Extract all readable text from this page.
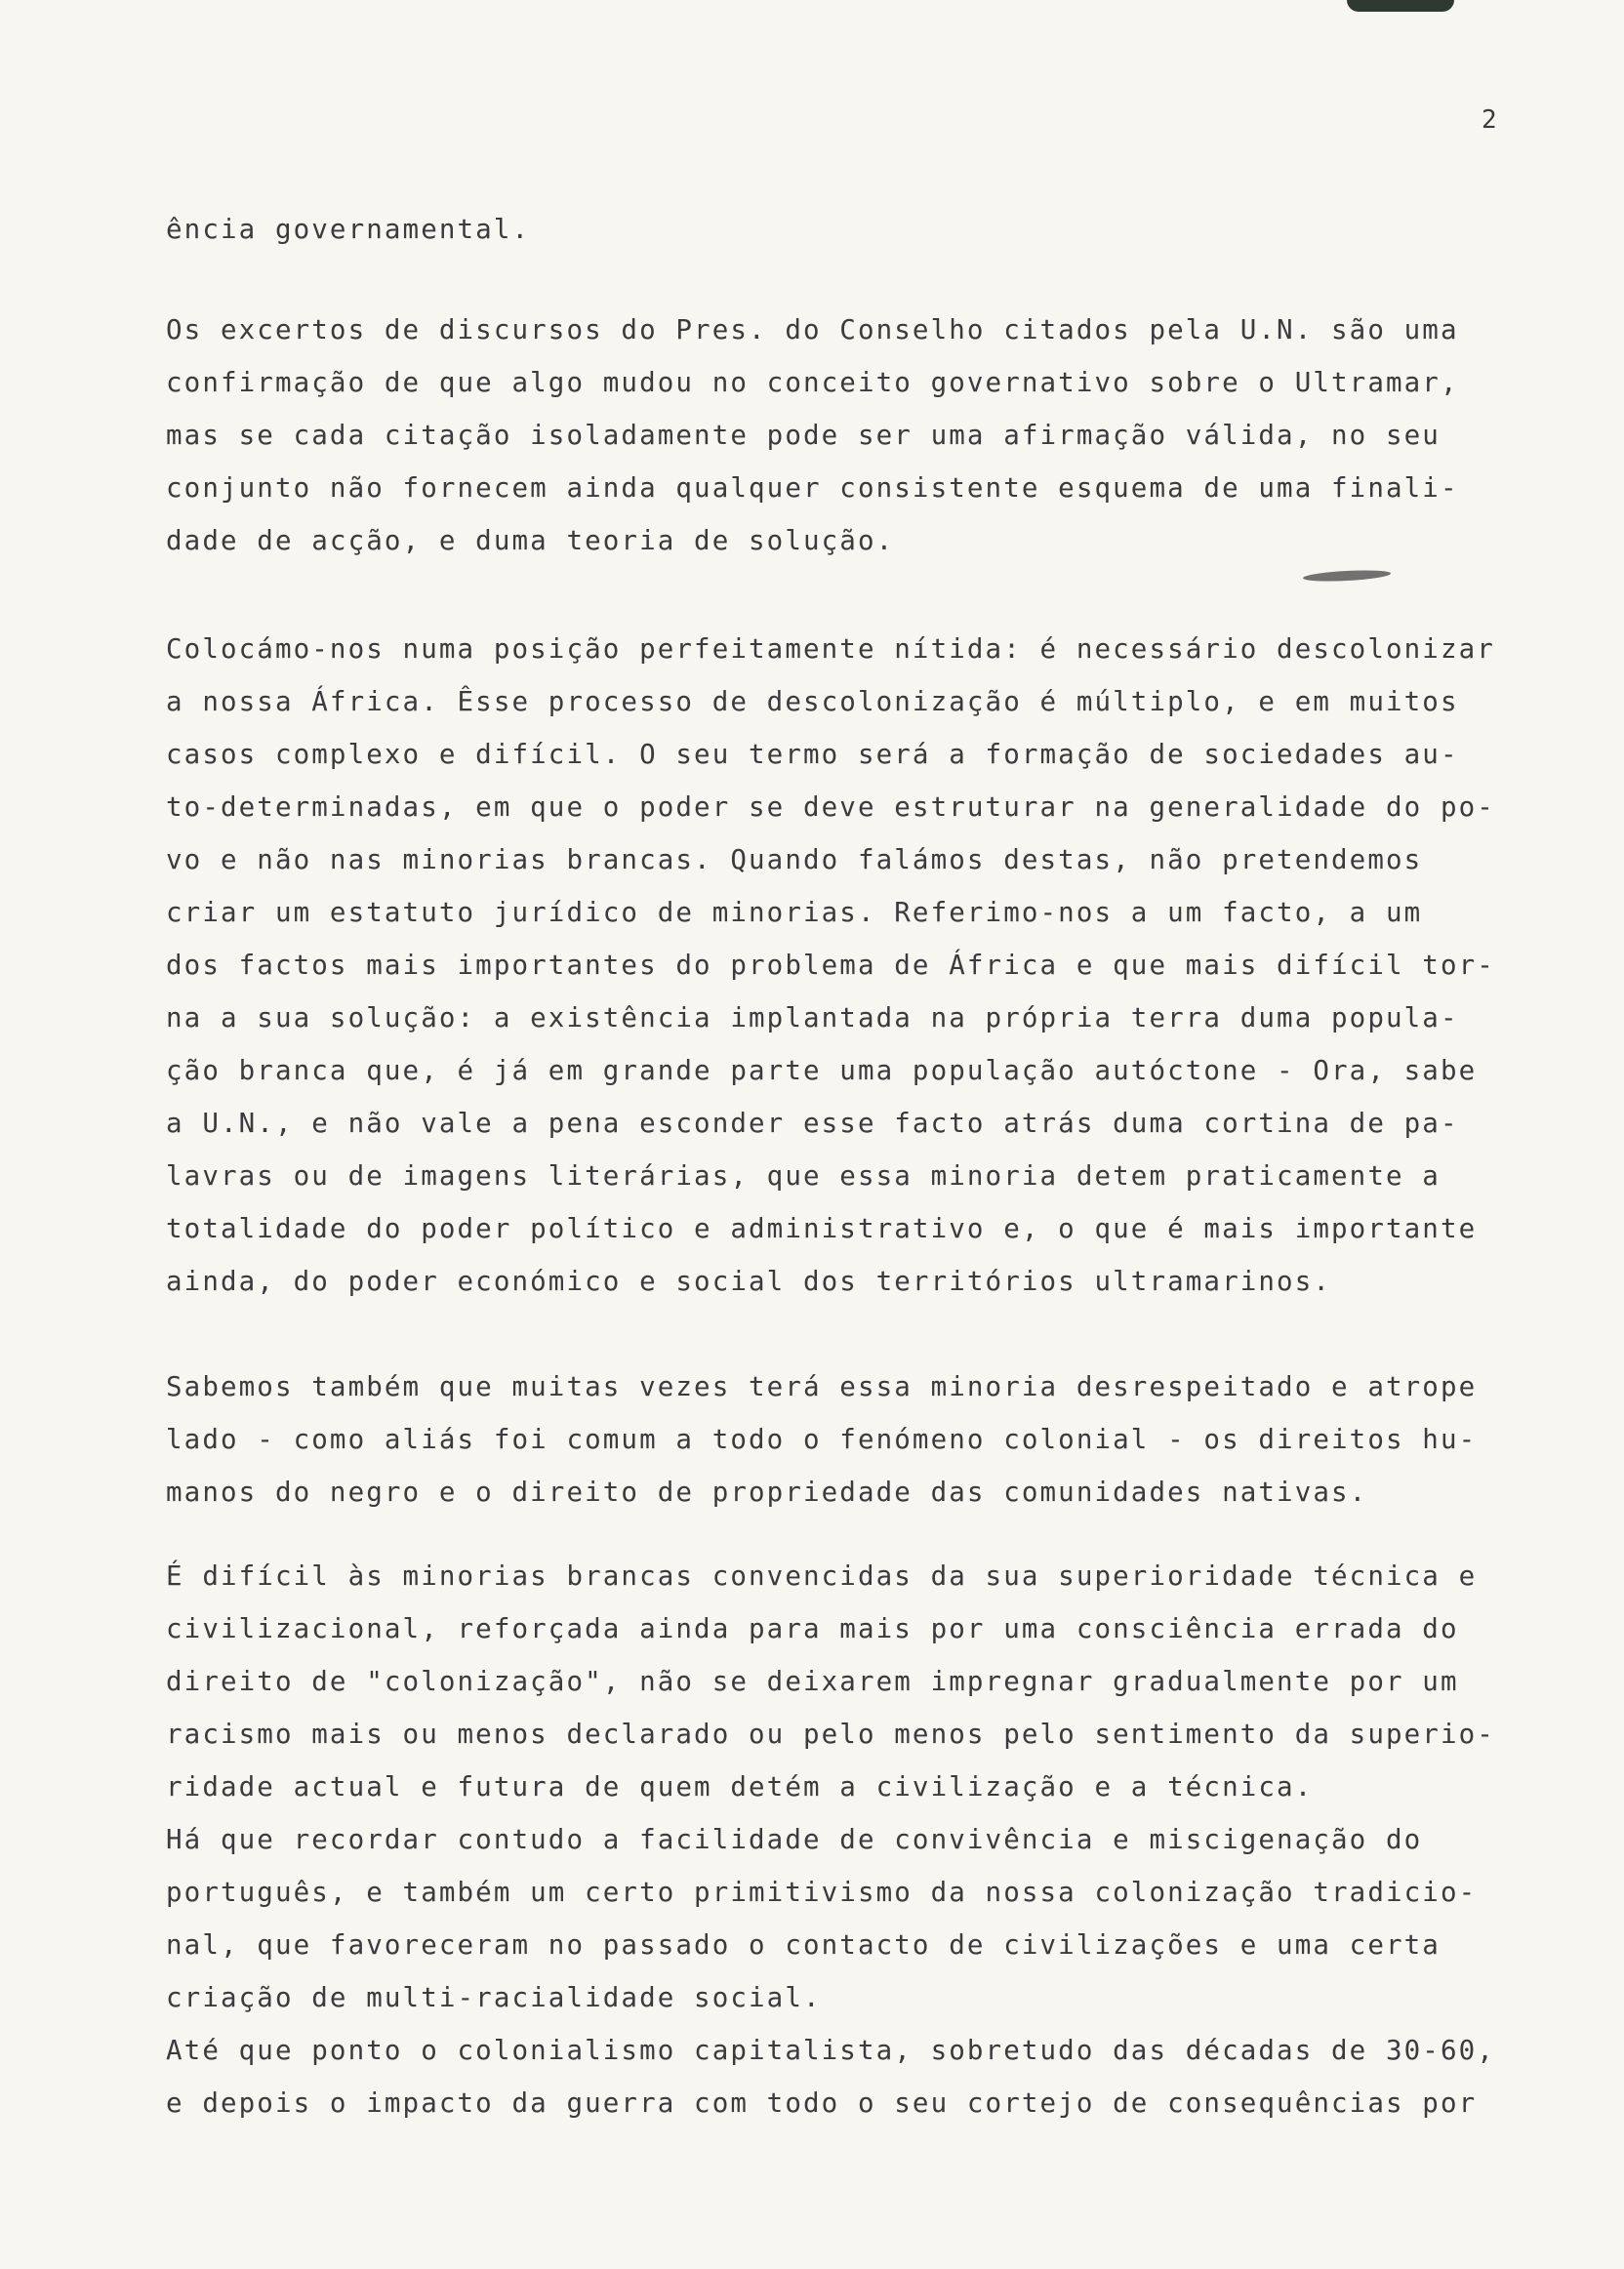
2
ência governamental.
Os excertos de discursos do Pres. do Conselho citados pela U.N. são uma
confirmação de que algo mudou no conceito governativo sobre o Ultramar,
mas se cada citação isoladamente pode ser uma afirmação válida, no seu
conjunto não fornecem ainda qualquer consistente esquema de uma finali-
dade de acção, e duma teoria de solução.
Colocámo-nos numa posição perfeitamente nítida: é necessário descolonizar
a nossa África. Êsse processo de descolonização é múltiplo, e em muitos
casos complexo e difícil. O seu termo será a formação de sociedades au-
to-determinadas, em que o poder se deve estruturar na generalidade do po-
vo e não nas minorias brancas. Quando falámos destas, não pretendemos
criar um estatuto jurídico de minorias. Referimo-nos a um facto, a um
dos factos mais importantes do problema de África e que mais difícil tor-
na a sua solução: a existência implantada na própria terra duma popula-
ção branca que, é já em grande parte uma população autóctone - Ora, sabe
a U.N., e não vale a pena esconder esse facto atrás duma cortina de pa-
lavras ou de imagens literárias, que essa minoria detem praticamente a
totalidade do poder político e administrativo e, o que é mais importante
ainda, do poder económico e social dos territórios ultramarinos.
Sabemos também que muitas vezes terá essa minoria desrespeitado e atrope
lado - como aliás foi comum a todo o fenómeno colonial - os direitos hu-
manos do negro e o direito de propriedade das comunidades nativas.
É difícil às minorias brancas convencidas da sua superioridade técnica e
civilizacional, reforçada ainda para mais por uma consciência errada do
direito de "colonização", não se deixarem impregnar gradualmente por um
racismo mais ou menos declarado ou pelo menos pelo sentimento da superio-
ridade actual e futura de quem detém a civilização e a técnica.
Há que recordar contudo a facilidade de convivência e miscigenação do
português, e também um certo primitivismo da nossa colonização tradicio-
nal, que favoreceram no passado o contacto de civilizações e uma certa
criação de multi-racialidade social.
Até que ponto o colonialismo capitalista, sobretudo das décadas de 30-60,
e depois o impacto da guerra com todo o seu cortejo de consequências por
